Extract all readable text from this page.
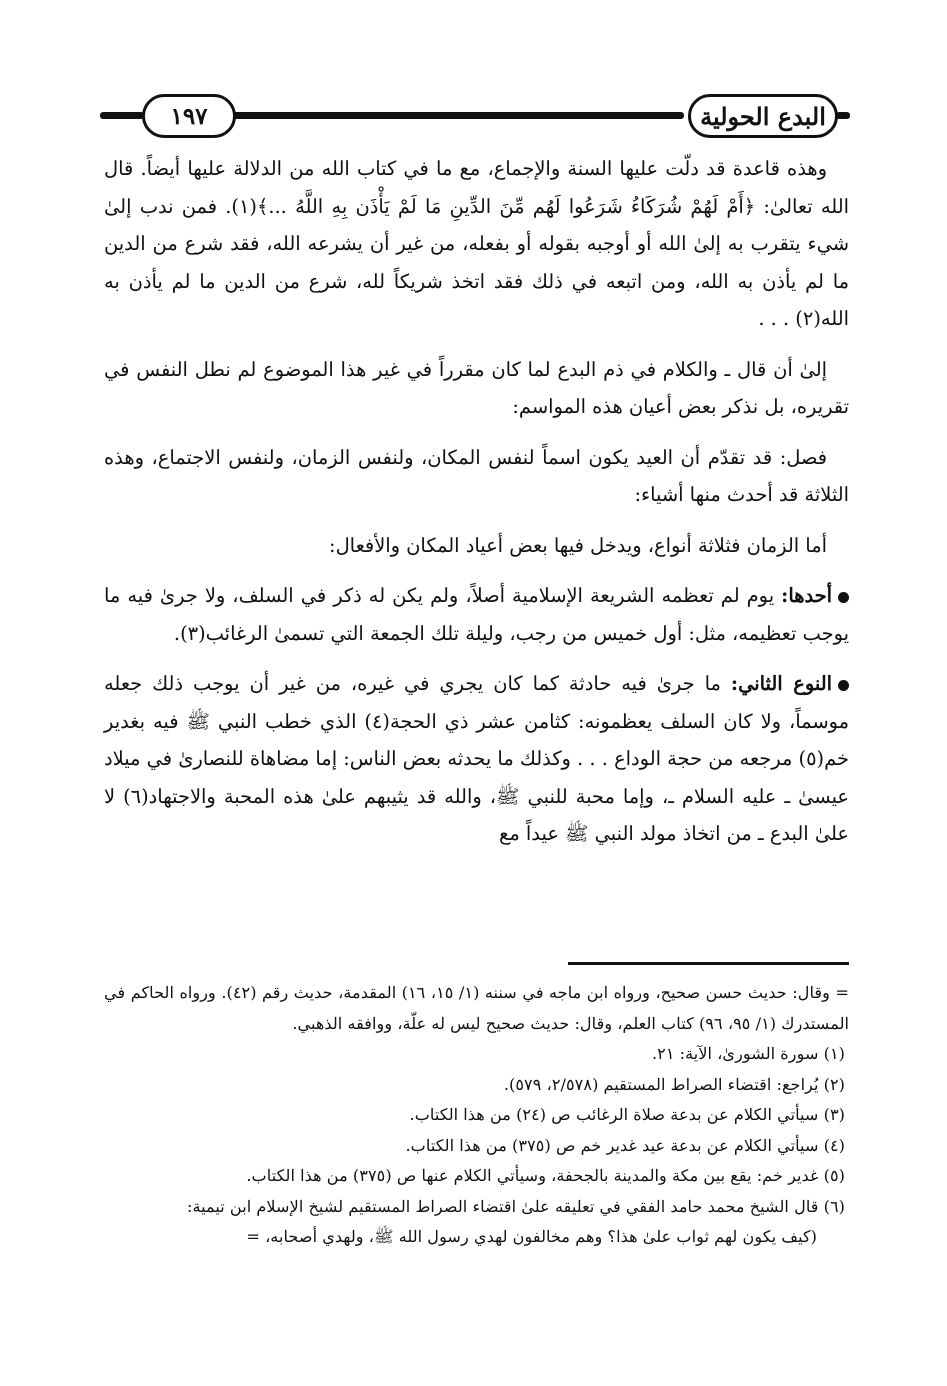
البدع الحولية
١٩٧

وهذه قاعدة قد دلّت عليها السنة والإجماع، مع ما في كتاب الله من الدلالة عليها أيضاً. قال الله تعالىٰ: ﴿أَمْ لَهُمْ شُرَكَاءُ شَرَعُوا لَهُم مِّنَ الدِّينِ مَا لَمْ يَأْذَن بِهِ اللَّهُ ...﴾(١). فمن ندب إلىٰ شيء يتقرب به إلىٰ الله أو أوجبه بقوله أو بفعله، من غير أن يشرعه الله، فقد شرع من الدين ما لم يأذن به الله، ومن اتبعه في ذلك فقد اتخذ شريكاً لله، شرع من الدين ما لم يأذن به الله(٢) . . .

إلىٰ أن قال ـ والكلام في ذم البدع لما كان مقرراً في غير هذا الموضوع لم نطل النفس في تقريره، بل نذكر بعض أعيان هذه المواسم:

فصل: قد تقدّم أن العيد يكون اسماً لنفس المكان، ولنفس الزمان، ولنفس الاجتماع، وهذه الثلاثة قد أحدث منها أشياء:

أما الزمان فثلاثة أنواع، ويدخل فيها بعض أعياد المكان والأفعال:

أحدها: يوم لم تعظمه الشريعة الإسلامية أصلاً، ولم يكن له ذكر في السلف، ولا جرىٰ فيه ما يوجب تعظيمه، مثل: أول خميس من رجب، وليلة تلك الجمعة التي تسمىٰ الرغائب(٣).

النوع الثاني: ما جرىٰ فيه حادثة كما كان يجري في غيره، من غير أن يوجب ذلك جعله موسماً، ولا كان السلف يعظمونه: كثامن عشر ذي الحجة(٤) الذي خطب النبي ﷺ فيه بغدير خم(٥) مرجعه من حجة الوداع . . . وكذلك ما يحدثه بعض الناس: إما مضاهاة للنصارىٰ في ميلاد عيسىٰ ـ عليه السلام ـ، وإما محبة للنبي ﷺ، والله قد يثيبهم علىٰ هذه المحبة والاجتهاد(٦) لا علىٰ البدع ـ من اتخاذ مولد النبي ﷺ عيداً مع

= وقال: حديث حسن صحيح، ورواه ابن ماجه في سننه (١/ ١٥، ١٦) المقدمة، حديث رقم (٤٢). ورواه الحاكم في المستدرك (١/ ٩٥، ٩٦) كتاب العلم، وقال: حديث صحيح ليس له علّة، ووافقه الذهبي.

(١) سورة الشورىٰ، الآية: ٢١.

(٢) يُراجع: اقتضاء الصراط المستقيم (٢/٥٧٨، ٥٧٩).

(٣) سيأتي الكلام عن بدعة صلاة الرغائب ص (٢٤) من هذا الكتاب.

(٤) سيأتي الكلام عن بدعة عيد غدير خم ص (٣٧٥) من هذا الكتاب.

(٥) غدير خم: يقع بين مكة والمدينة بالجحفة، وسيأتي الكلام عنها ص (٣٧٥) من هذا الكتاب.

(٦) قال الشيخ محمد حامد الفقي في تعليقه علىٰ اقتضاء الصراط المستقيم لشيخ الإسلام ابن تيمية:

(كيف يكون لهم ثواب علىٰ هذا؟ وهم مخالفون لهدي رسول الله ﷺ، ولهدي أصحابه، =
